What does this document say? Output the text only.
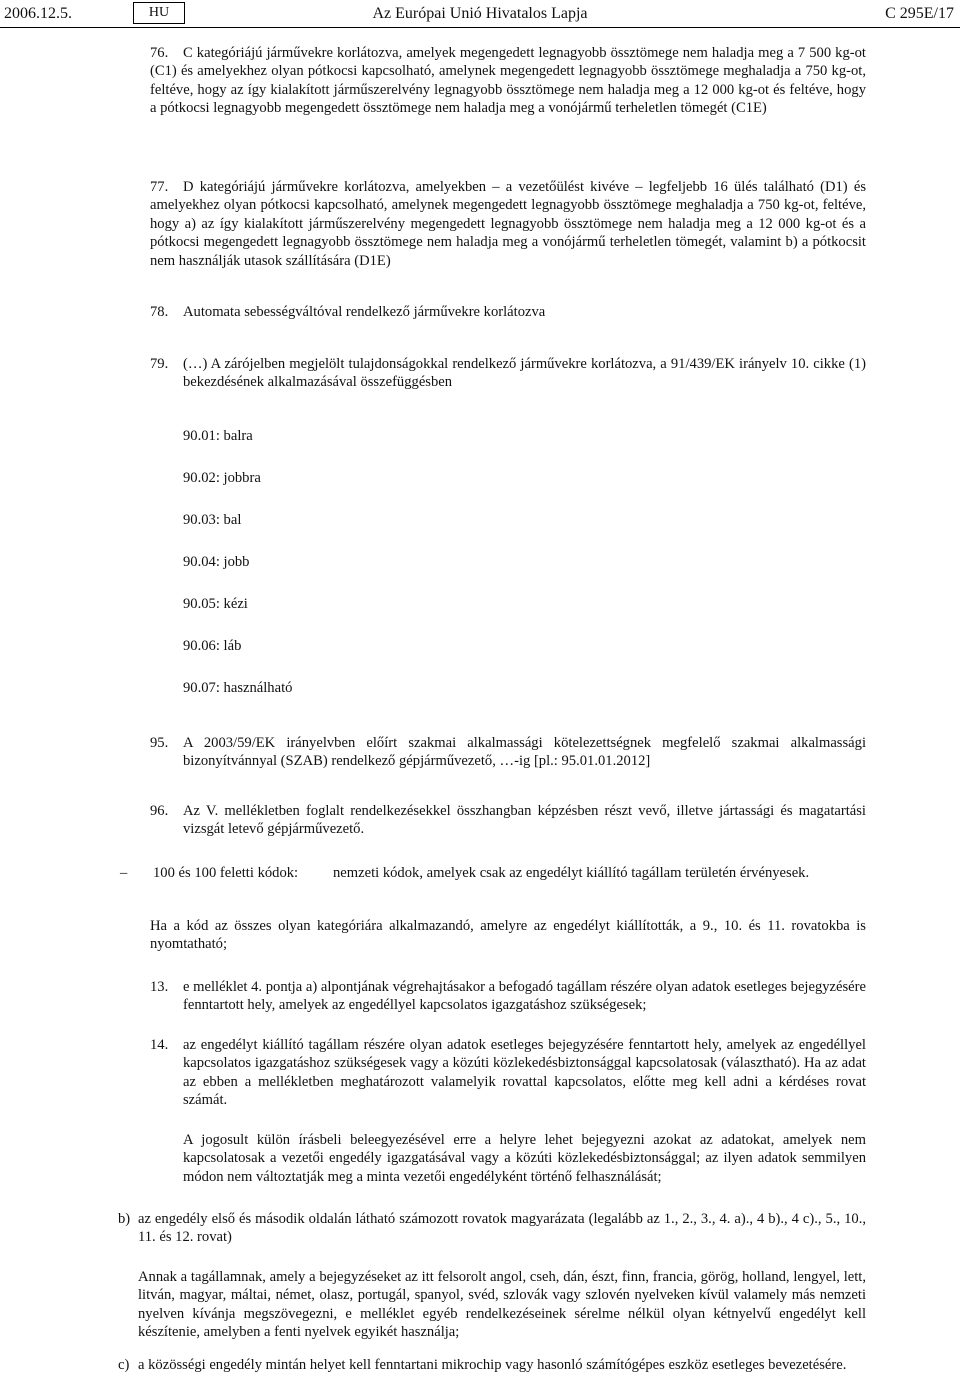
2006.12.5.	HU	Az Európai Unió Hivatalos Lapja	C 295E/17
76.	C kategóriájú járművekre korlátozva, amelyek megengedett legnagyobb össztömege nem haladja meg a 7 500 kg-ot (C1) és amelyekhez olyan pótkocsi kapcsolható, amelynek megengedett legnagyobb össztömege meghaladja a 750 kg-ot, feltéve, hogy az így kialakított járműszerelvény legnagyobb össztömege nem haladja meg a 12 000 kg-ot és feltéve, hogy a pótkocsi legnagyobb megengedett össztömege nem haladja meg a vonójármű terheletlen tömegét (C1E)
77.	D kategóriájú járművekre korlátozva, amelyekben – a vezetőülést kivéve – legfeljebb 16 ülés található (D1) és amelyekhez olyan pótkocsi kapcsolható, amelynek megengedett legnagyobb össztömege meghaladja a 750 kg-ot, feltéve, hogy a) az így kialakított járműszerelvény megengedett legnagyobb össztömege nem haladja meg a 12 000 kg-ot és a pótkocsi megengedett legnagyobb össztömege nem haladja meg a vonójármű terheletlen tömegét, valamint b) a pótkocsit nem használják utasok szállítására (D1E)
78.	Automata sebességváltóval rendelkező járművekre korlátozva
79.	(…) A zárójelben megjelölt tulajdonságokkal rendelkező járművekre korlátozva, a 91/439/EK irányelv 10. cikke (1) bekezdésének alkalmazásával összefüggésben
90.01: balra
90.02: jobbra
90.03: bal
90.04: jobb
90.05: kézi
90.06: láb
90.07: használható
95.	A 2003/59/EK irányelvben előírt szakmai alkalmassági kötelezettségnek megfelelő szakmai alkalmassági bizonyítvánnyal (SZAB) rendelkező gépjárművezető, …-ig [pl.: 95.01.01.2012]
96.	Az V. mellékletben foglalt rendelkezésekkel összhangban képzésben részt vevő, illetve jártassági és magatartási vizsgát letevő gépjárművezető.
– 100 és 100 feletti kódok: nemzeti kódok, amelyek csak az engedélyt kiállító tagállam területén érvényesek.
Ha a kód az összes olyan kategóriára alkalmazandó, amelyre az engedélyt kiállították, a 9., 10. és 11. rovatokba is nyomtatható;
13.	e melléklet 4. pontja a) alpontjának végrehajtásakor a befogadó tagállam részére olyan adatok esetleges bejegyzésére fenntartott hely, amelyek az engedéllyel kapcsolatos igazgatáshoz szükségesek;
14.	az engedélyt kiállító tagállam részére olyan adatok esetleges bejegyzésére fenntartott hely, amelyek az engedéllyel kapcsolatos igazgatáshoz szükségesek vagy a közúti közlekedésbiztonsággal kapcsolatosak (választható). Ha az adat az ebben a mellékletben meghatározott valamelyik rovattal kapcsolatos, előtte meg kell adni a kérdéses rovat számát.
A jogosult külön írásbeli beleegyezésével erre a helyre lehet bejegyezni azokat az adatokat, amelyek nem kapcsolatosak a vezetői engedély igazgatásával vagy a közúti közlekedésbiztonsággal; az ilyen adatok semmilyen módon nem változtatják meg a minta vezetői engedélyként történő felhasználását;
b) az engedély első és második oldalán látható számozott rovatok magyarázata (legalább az 1., 2., 3., 4. a)., 4 b)., 4 c)., 5., 10., 11. és 12. rovat)
Annak a tagállamnak, amely a bejegyzéseket az itt felsorolt angol, cseh, dán, észt, finn, francia, görög, holland, lengyel, lett, litván, magyar, máltai, német, olasz, portugál, spanyol, svéd, szlovák vagy szlovén nyelveken kívül valamely más nemzeti nyelven kívánja megszövegezni, e melléklet egyéb rendelkezéseinek sérelme nélkül olyan kétnyelvű engedélyt kell készítenie, amelyben a fenti nyelvek egyikét használja;
c) a közösségi engedély mintán helyet kell fenntartani mikrochip vagy hasonló számítógépes eszköz esetleges bevezetésére.
